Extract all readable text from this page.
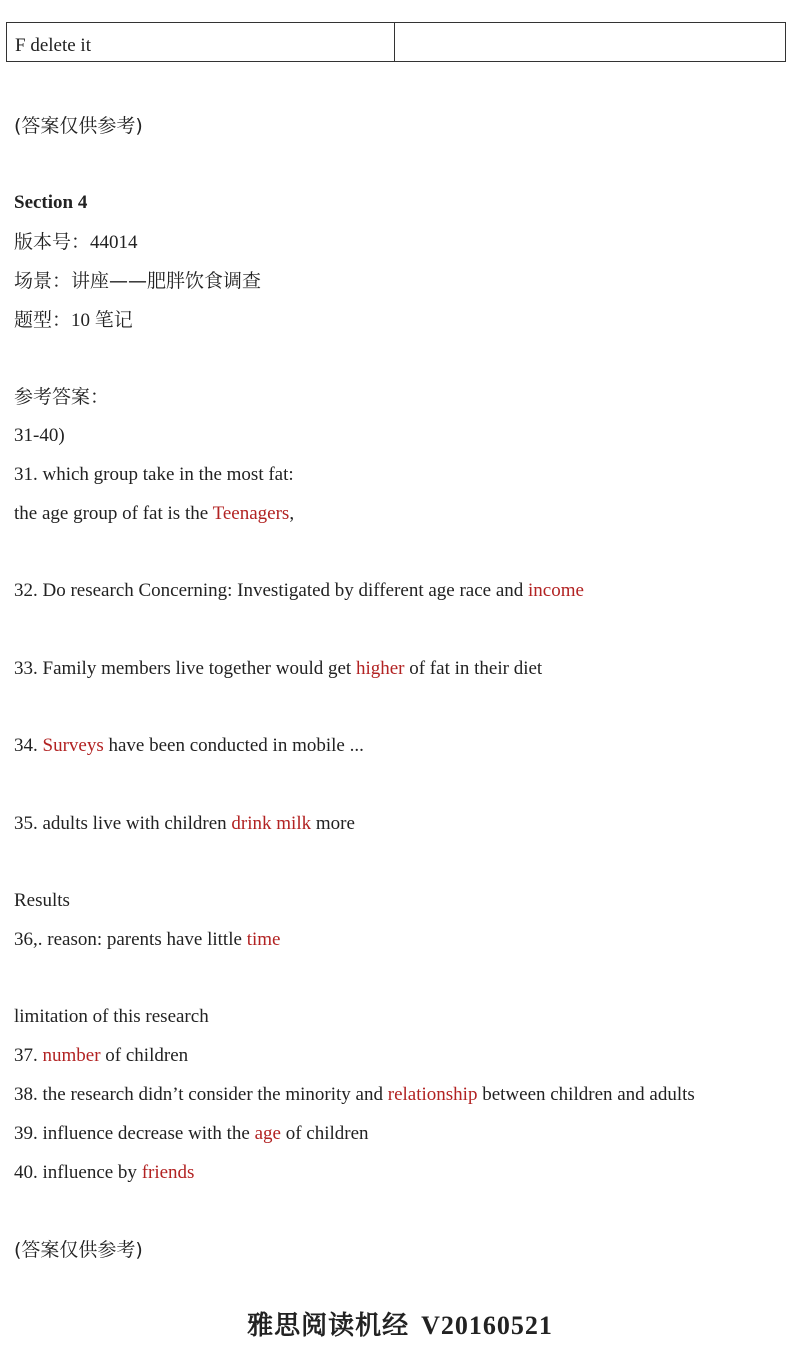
F delete it
(答案仅供参考)
Section 4
版本号：44014
场景：讲座——肥胖饮食调查
题型：10 笔记
参考答案：
31-40)
31. which group take in the most fat:
the age group of fat is the Teenagers,
32. Do research Concerning: Investigated by different age race and income
33. Family members live together would get higher of fat in their diet
34. Surveys have been conducted in mobile ...
35. adults live with children drink milk more
Results
36,. reason: parents have little time
limitation of this research
37. number of children
38. the research didn’t consider the minority and relationship between children and adults
39. influence decrease with the age of children
40. influence by friends
(答案仅供参考)
雅思阅读机经 V20160521
